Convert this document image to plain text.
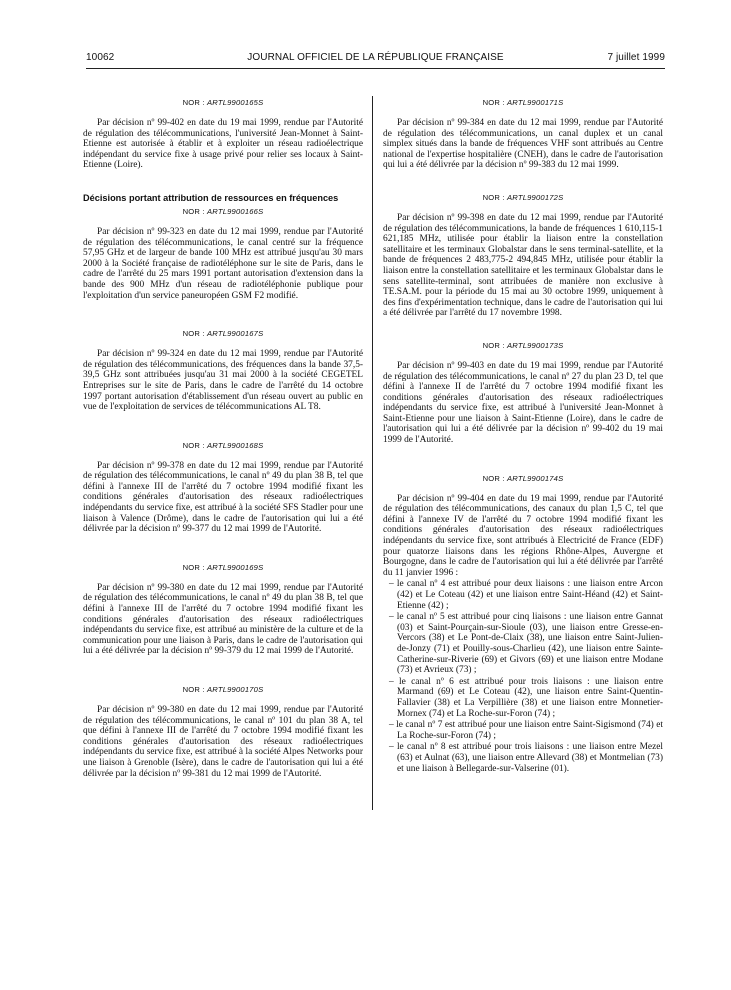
10062	JOURNAL OFFICIEL DE LA RÉPUBLIQUE FRANÇAISE	7 juillet 1999

NOR : ARTL9900165S

Par décision nº 99-402 en date du 19 mai 1999, rendue par l'Autorité de régulation des télécommunications, l'université Jean-Monnet à Saint-Etienne est autorisée à établir et à exploiter un réseau radioélectrique indépendant du service fixe à usage privé pour relier ses locaux à Saint-Etienne (Loire).

Décisions portant attribution de ressources en fréquences

NOR : ARTL9900166S

Par décision nº 99-323 en date du 12 mai 1999, rendue par l'Autorité de régulation des télécommunications, le canal centré sur la fréquence 57,95 GHz et de largeur de bande 100 MHz est attribué jusqu'au 30 mars 2000 à la Société française de radiotéléphone sur le site de Paris, dans le cadre de l'arrêté du 25 mars 1991 portant autorisation d'extension dans la bande des 900 MHz d'un réseau de radiotéléphonie publique pour l'exploitation d'un service paneuropéen GSM F2 modifié.

NOR : ARTL9900167S

Par décision nº 99-324 en date du 12 mai 1999, rendue par l'Autorité de régulation des télécommunications, des fréquences dans la bande 37,5-39,5 GHz sont attribuées jusqu'au 31 mai 2000 à la société CEGETEL Entreprises sur le site de Paris, dans le cadre de l'arrêté du 14 octobre 1997 portant autorisation d'établissement d'un réseau ouvert au public en vue de l'exploitation de services de télécommunications AL T8.

NOR : ARTL9900168S

Par décision nº 99-378 en date du 12 mai 1999, rendue par l'Autorité de régulation des télécommunications, le canal nº 49 du plan 38 B, tel que défini à l'annexe III de l'arrêté du 7 octobre 1994 modifié fixant les conditions générales d'autorisation des réseaux radioélectriques indépendants du service fixe, est attribué à la société SFS Stadler pour une liaison à Valence (Drôme), dans le cadre de l'autorisation qui lui a été délivrée par la décision nº 99-377 du 12 mai 1999 de l'Autorité.

NOR : ARTL9900169S

Par décision nº 99-380 en date du 12 mai 1999, rendue par l'Autorité de régulation des télécommunications, le canal nº 49 du plan 38 B, tel que défini à l'annexe III de l'arrêté du 7 octobre 1994 modifié fixant les conditions générales d'autorisation des réseaux radioélectriques indépendants du service fixe, est attribué au ministère de la culture et de la communication pour une liaison à Paris, dans le cadre de l'autorisation qui lui a été délivrée par la décision nº 99-379 du 12 mai 1999 de l'Autorité.

NOR : ARTL9900170S

Par décision nº 99-380 en date du 12 mai 1999, rendue par l'Autorité de régulation des télécommunications, le canal nº 101 du plan 38 A, tel que défini à l'annexe III de l'arrêté du 7 octobre 1994 modifié fixant les conditions générales d'autorisation des réseaux radioélectriques indépendants du service fixe, est attribué à la société Alpes Networks pour une liaison à Grenoble (Isère), dans le cadre de l'autorisation qui lui a été délivrée par la décision nº 99-381 du 12 mai 1999 de l'Autorité.

NOR : ARTL9900171S

Par décision nº 99-384 en date du 12 mai 1999, rendue par l'Autorité de régulation des télécommunications, un canal duplex et un canal simplex situés dans la bande de fréquences VHF sont attribués au Centre national de l'expertise hospitalière (CNEH), dans le cadre de l'autorisation qui lui a été délivrée par la décision nº 99-383 du 12 mai 1999.

NOR : ARTL9900172S

Par décision nº 99-398 en date du 12 mai 1999, rendue par l'Autorité de régulation des télécommunications, la bande de fréquences 1 610,115-1 621,185 MHz, utilisée pour établir la liaison entre la constellation satellitaire et les terminaux Globalstar dans le sens terminal-satellite, et la bande de fréquences 2 483,775-2 494,845 MHz, utilisée pour établir la liaison entre la constellation satellitaire et les terminaux Globalstar dans le sens satellite-terminal, sont attribuées de manière non exclusive à TE.SA.M. pour la période du 15 mai au 30 octobre 1999, uniquement à des fins d'expérimentation technique, dans le cadre de l'autorisation qui lui a été délivrée par l'arrêté du 17 novembre 1998.

NOR : ARTL9900173S

Par décision nº 99-403 en date du 19 mai 1999, rendue par l'Autorité de régulation des télécommunications, le canal nº 27 du plan 23 D, tel que défini à l'annexe II de l'arrêté du 7 octobre 1994 modifié fixant les conditions générales d'autorisation des réseaux radioélectriques indépendants du service fixe, est attribué à l'université Jean-Monnet à Saint-Etienne pour une liaison à Saint-Etienne (Loire), dans le cadre de l'autorisation qui lui a été délivrée par la décision nº 99-402 du 19 mai 1999 de l'Autorité.

NOR : ARTL9900174S

Par décision nº 99-404 en date du 19 mai 1999, rendue par l'Autorité de régulation des télécommunications, des canaux du plan 1,5 C, tel que défini à l'annexe IV de l'arrêté du 7 octobre 1994 modifié fixant les conditions générales d'autorisation des réseaux radioélectriques indépendants du service fixe, sont attribués à Electricité de France (EDF) pour quatorze liaisons dans les régions Rhône-Alpes, Auvergne et Bourgogne, dans le cadre de l'autorisation qui lui a été délivrée par l'arrêté du 11 janvier 1996 :

– le canal nº 4 est attribué pour deux liaisons : une liaison entre Arcon (42) et Le Coteau (42) et une liaison entre Saint-Héand (42) et Saint-Etienne (42) ;
– le canal nº 5 est attribué pour cinq liaisons : une liaison entre Gannat (03) et Saint-Pourçain-sur-Sioule (03), une liaison entre Gresse-en-Vercors (38) et Le Pont-de-Claix (38), une liaison entre Saint-Julien-de-Jonzy (71) et Pouilly-sous-Charlieu (42), une liaison entre Sainte-Catherine-sur-Riverie (69) et Givors (69) et une liaison entre Modane (73) et Avrieux (73) ;
– le canal nº 6 est attribué pour trois liaisons : une liaison entre Marmand (69) et Le Coteau (42), une liaison entre Saint-Quentin-Fallavier (38) et La Verpillière (38) et une liaison entre Monnetier-Mornex (74) et La Roche-sur-Foron (74) ;
– le canal nº 7 est attribué pour une liaison entre Saint-Sigismond (74) et La Roche-sur-Foron (74) ;
– le canal nº 8 est attribué pour trois liaisons : une liaison entre Mezel (63) et Aulnat (63), une liaison entre Allevard (38) et Montmelian (73) et une liaison à Bellegarde-sur-Valserine (01).
